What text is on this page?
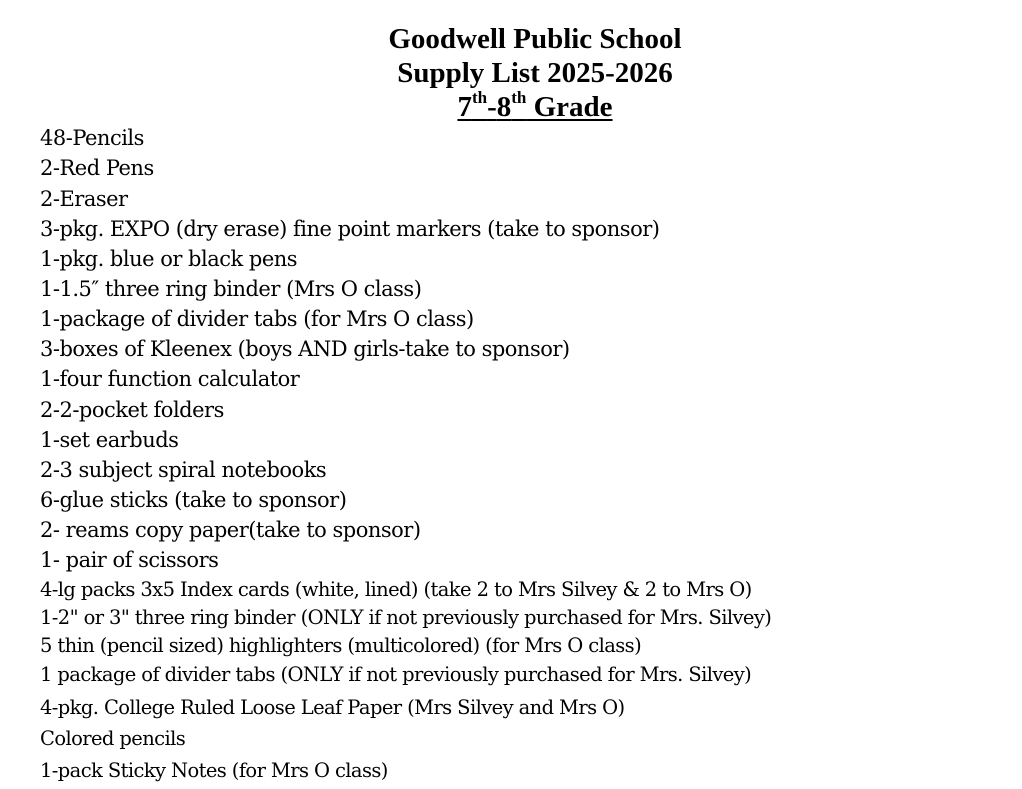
Goodwell Public School
Supply List 2025-2026
7th-8th Grade
48-Pencils
2-Red Pens
2-Eraser
3-pkg. EXPO (dry erase) fine point markers (take to sponsor)
1-pkg. blue or black pens
1-1.5″ three ring binder (Mrs O class)
1-package of divider tabs (for Mrs O class)
3-boxes of Kleenex (boys AND girls-take to sponsor)
1-four function calculator
2-2-pocket folders
1-set earbuds
2-3 subject spiral notebooks
6-glue sticks (take to sponsor)
2- reams copy paper(take to sponsor)
1- pair of scissors
4-lg packs 3x5 Index cards (white, lined) (take 2 to Mrs Silvey & 2 to Mrs O)
1-2" or 3" three ring binder (ONLY if not previously purchased for Mrs. Silvey)
5 thin (pencil sized) highlighters (multicolored) (for Mrs O class)
1 package of divider tabs (ONLY if not previously purchased for Mrs. Silvey)
4-pkg. College Ruled Loose Leaf Paper (Mrs Silvey and Mrs O)
Colored pencils
1-pack Sticky Notes (for Mrs O class)
